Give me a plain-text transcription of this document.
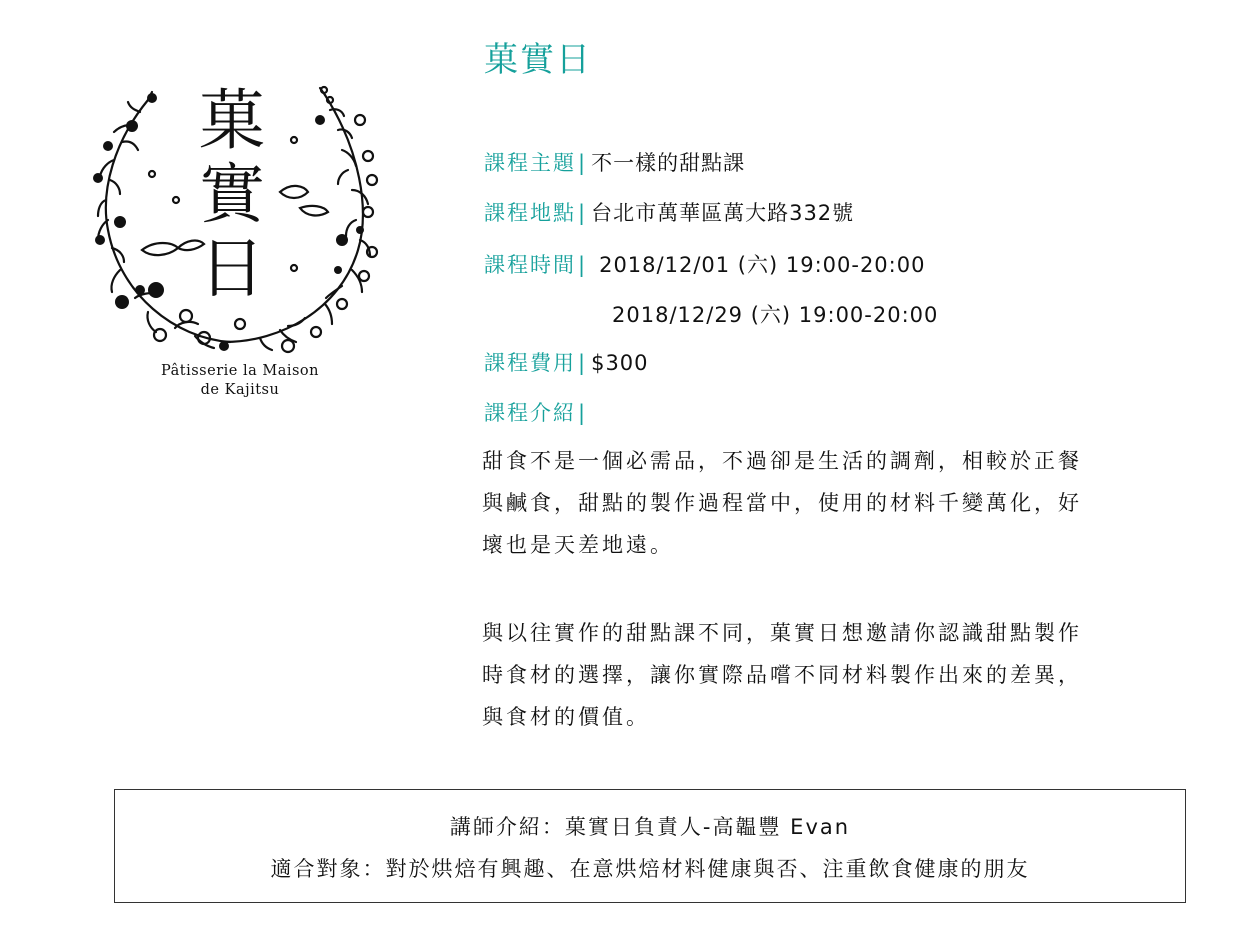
菓
實
日
Pâtisserie la Maison
de Kajitsu
菓實日
課程主題| 不一樣的甜點課
課程地點| 台北市萬華區萬大路332號
課程時間| 2018/12/01 (六) 19:00-20:00
2018/12/29 (六) 19:00-20:00
課程費用| $300
課程介紹|
甜食不是一個必需品，不過卻是生活的調劑，相較於正餐
與鹹食，甜點的製作過程當中，使用的材料千變萬化，好
壞也是天差地遠。
與以往實作的甜點課不同，菓實日想邀請你認識甜點製作
時食材的選擇，讓你實際品嚐不同材料製作出來的差異，
與食材的價值。
講師介紹：菓實日負責人-高韞豐 Evan
適合對象：對於烘焙有興趣、在意烘焙材料健康與否、注重飲食健康的朋友
